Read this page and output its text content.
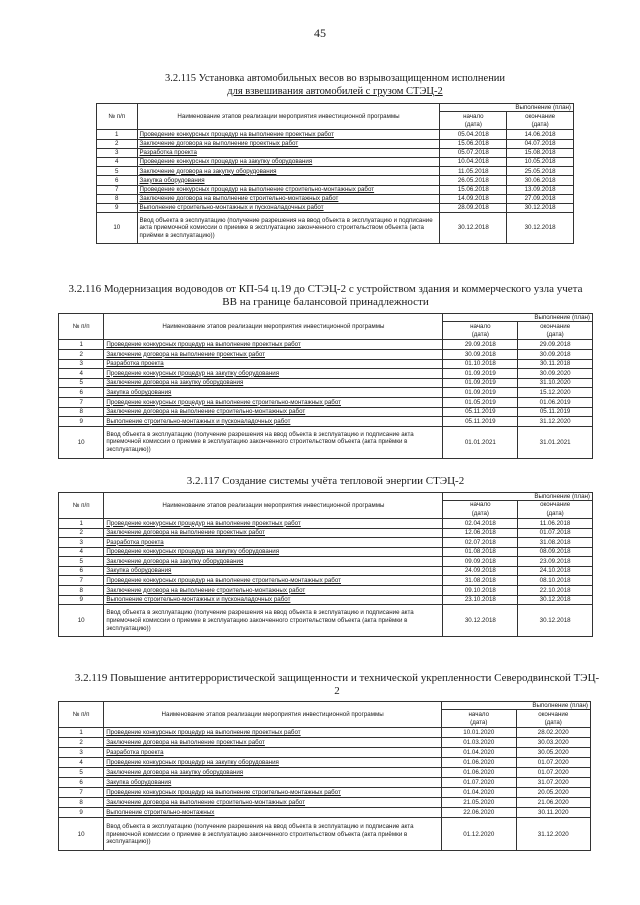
45
3.2.115 Установка автомобильных весов во взрывозащищенном исполнении
для взвешивания автомобилей с грузом СТЭЦ-2
№ п/п	Наименование этапов реализации мероприятия инвестиционной программы	Выполнение (план)	
		начало	окончание
		(дата)	(дата)
1	Проведение конкурсных процедур на выполнение проектных работ	05.04.2018	14.06.2018
2	Заключение договора на выполнение проектных работ	15.06.2018	04.07.2018
3	Разработка проекта	05.07.2018	15.08.2018
4	Проведение конкурсных процедур на закупку оборудования	10.04.2018	10.05.2018
5	Заключение договора на закупку оборудования	11.05.2018	25.05.2018
6	Закупка оборудования	26.05.2018	30.06.2018
7	Проведение конкурсных процедур на выполнение строительно-монтажных работ	15.06.2018	13.09.2018
8	Заключение договора на выполнение строительно-монтажных работ	14.09.2018	27.09.2018
9	Выполнение строительно-монтажных и пусконаладочных работ	28.09.2018	30.12.2018
10	Ввод объекта в эксплуатацию (получение разрешения на ввод объекта в эксплуатацию и подписание акта приемочной комиссии о приемке в эксплуатацию законченного строительством объекта (акта приёмки в эксплуатацию))	30.12.2018	30.12.2018
3.2.116 Модернизация водоводов от КП-54 ц.19 до СТЭЦ-2 с устройством здания и коммерческого узла учета
ВВ на границе балансовой принадлежности
№ п/п	Наименование этапов реализации мероприятия инвестиционной программы	Выполнение (план)	
		начало	окончание
		(дата)	(дата)
1	Проведение конкурсных процедур на выполнение проектных работ	29.09.2018	29.09.2018
2	Заключение договора на выполнение проектных работ	30.09.2018	30.09.2018
3	Разработка проекта	01.10.2018	30.11.2018
4	Проведение конкурсных процедур на закупку оборудования	01.09.2019	30.09.2020
5	Заключение договора на закупку оборудования	01.09.2019	31.10.2020
6	Закупка оборудования	01.09.2019	15.12.2020
7	Проведение конкурсных процедур на выполнение строительно-монтажных работ	01.05.2019	01.06.2019
8	Заключение договора на выполнение строительно-монтажных работ	05.11.2019	05.11.2019
9	Выполнение строительно-монтажных и пусконаладочных работ	05.11.2019	31.12.2020
10	Ввод объекта в эксплуатацию (получение разрешения на ввод объекта в эксплуатацию и подписание акта приемочной комиссии о приемке в эксплуатацию законченного строительством объекта (акта приёмки в эксплуатацию))	01.01.2021	31.01.2021
3.2.117 Создание системы учёта тепловой энергии СТЭЦ-2
№ п/п	Наименование этапов реализации мероприятия инвестиционной программы	Выполнение (план)	
		начало	окончание
		(дата)	(дата)
1	Проведение конкурсных процедур на выполнение проектных работ	02.04.2018	11.06.2018
2	Заключение договора на выполнение проектных работ	12.06.2018	01.07.2018
3	Разработка проекта	02.07.2018	31.08.2018
4	Проведение конкурсных процедур на закупку оборудования	01.08.2018	08.09.2018
5	Заключение договора на закупку оборудования	09.09.2018	23.09.2018
6	Закупка оборудования	24.09.2018	24.10.2018
7	Проведение конкурсных процедур на выполнение строительно-монтажных работ	31.08.2018	08.10.2018
8	Заключение договора на выполнение строительно-монтажных работ	09.10.2018	22.10.2018
9	Выполнение строительно-монтажных и пусконаладочных работ	23.10.2018	30.12.2018
10	Ввод объекта в эксплуатацию (получение разрешения на ввод объекта в эксплуатацию и подписание акта приемочной комиссии о приемке в эксплуатацию законченного строительством объекта (акта приёмки в эксплуатацию))	30.12.2018	30.12.2018
3.2.119 Повышение антитеррористической защищенности и технической укрепленности Северодвинской ТЭЦ-
2
№ п/п	Наименование этапов реализации мероприятия инвестиционной программы	Выполнение (план)	
		начало	окончание
		(дата)	(дата)
1	Проведение конкурсных процедур на выполнение проектных работ	10.01.2020	28.02.2020
2	Заключение договора на выполнение проектных работ	01.03.2020	30.03.2020
3	Разработка проекта	01.04.2020	30.05.2020
4	Проведение конкурсных процедур на закупку оборудования	01.06.2020	01.07.2020
5	Заключение договора на закупку оборудования	01.06.2020	01.07.2020
6	Закупка оборудования	01.07.2020	31.07.2020
7	Проведение конкурсных процедур на выполнение строительно-монтажных работ	01.04.2020	20.05.2020
8	Заключение договора на выполнение строительно-монтажных работ	21.05.2020	21.06.2020
9	Выполнение строительно-монтажных	22.06.2020	30.11.2020
10	Ввод объекта в эксплуатацию (получение разрешения на ввод объекта в эксплуатацию и подписание акта приемочной комиссии о приемке в эксплуатацию законченного строительством объекта (акта приёмки в эксплуатацию))	01.12.2020	31.12.2020
